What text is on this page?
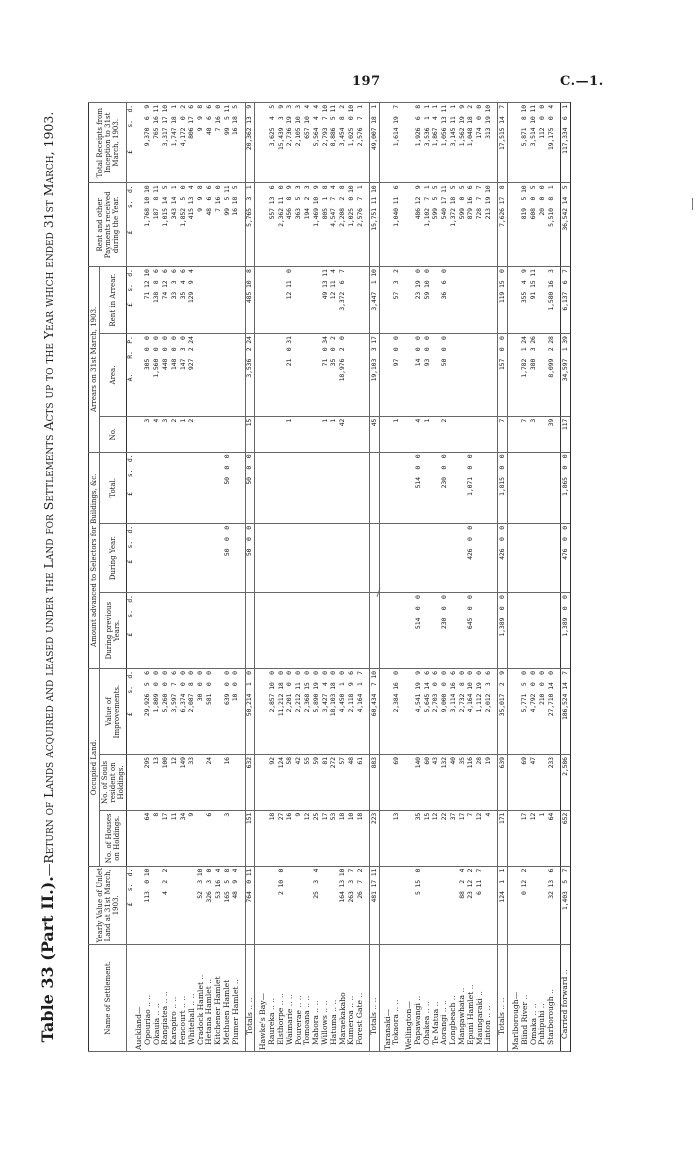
197	C.—1.
Table 33 (Part II.).—Return of Lands acquired and leased under the Land for Settlements Acts up to the Year which ended 31st March, 1903.
Name of Settlement.	Yearly Value of Unlet Land at 31st March, 1903.	Occupied Land.			Amount advanced to Selectors for Buildings, &c.			Arrears on 31st March, 1903.			Rent and other Payments received during the Year.	Total Receipts from Inception to 31st March, 1903.
		No. of Houses on Holdings.	No. of Souls resident on Holdings.	Value of Improvements.	During previous Years.	During Year.	Total.	No.	Area.	Rent in Arrear.		
	£   s.  d.			£     s.  d.	£    s.  d.	£   s.  d.	£    s.  d.		A.    R.  P.	£   s.  d.	£      s.  d.	£      s.  d.
Auckland—												
Opouriao .. ..	113  0 10	64	295	29,926  5  6				3	305  0  0	71 12 10	1,768 10 10	9,370  6  9
Okauia .. ..		8	13	1,809  0  0				4	1,560  0  0	138  8  6	187  8 11	765 16 11
Rangiatea .. ..	4  2  2	17	100	5,260  0  0				3	448  0  0	74 12  6	1,015 14  5	3,317 17 10
Karapiro .. ..		11	12	3,597  7  6				2	148  0  0	33  3  6	343 14  1	1,747 18  1
Fencourt .. ..		34	149	6,374  0  0				1	147  3  0	35  4  6	1,852  5  0	4,172  0  2
Whitehall .. ..		9	33	2,087  8  0				2	927  2 24	129  9  4	415 13  4	806 17  6
Cradock Hamlet ..	52  3 10			30  0  0							9  9  8	9  9  8
Hetana Hamlet ..	326  3  0	6	24	581  0  0							48  6  6	48  6  6
Kitchener Hamlet	53 16  4										7 16  0	7 16  0
Methuen Hamlet	165  5  8	3	16	639  0  0		50  0  0	50  0  0				99  5 11	99  5 11
Plumer Hamlet ..	48  9  4			10  0  0							16 18  5	16 18  5

Totals .. ..	764  0 11	151	632	50,214  1  0		50  0  0	50  0  0	15	3,536  2 24	485 10  8	5,765  3  1	20,362 13  9

Hawke's Bay—												
Raureka .. ..		18	92	2,857 10  0							557 13  6	3,625  4  5
Elsthorpe .. ..	2 10  0	27	124	11,212 18  0							2,362 11  0	15,439  3  9
Waimarie .. ..		16	58	2,201  0  0				1	21  0 31	12 11  0	456  8  9	2,736 19  3
Pourerae .. ..		9	42	2,212 11  0							363  5  3	2,105 10  3
Tomoana .. ..		12	55	2,368 15  0							194  2  3	657 10  4
Mahora .. ..	25  3  4	25	59	5,890 19  0							1,469 10  9	5,564  4  4
Willows .. ..		17	81	3,427  4  0				1	71  0 34	49 13 11	805  1  8	2,793  7 10
Hatuma .. ..		53	272	18,103 18  0				1	35  0  2	12 11  4	4,547  7  4	8,886  5 11
Maraekakaho	164 13 10	18	57	4,450  1  0				42	18,976  2  0	3,372  6  7	2,208  2  8	3,454  8  2
Kumeroa .. ..	263  3  7	10	48	2,118  9  6							1,025  0 10	1,025  0 10
Forest Gate ..	26  7  2	18	61	4,164  1  7							2,576  7  1	2,576  7  1

Totals .. ..	481 17 11	223	883	60,434  7 10				45	19,103  3 17	3,447  1 10	15,751 11 10	49,007 18  1

Taranaki—												
Tokaora .. ..		13	69	2,384 16  0				1	97  0  0	57  3  2	1,040 11  6	1,614 19  7

Wellington—												
Papawangi ..	5 15  0	35	140	4,541 19  9	514  0  0		514  0  0	4	14  0  0	23 19  0	486 12  9	1,926  6  8
Ohakea .. ..		15	60	5,645 14  6				1	93  0  0	59 10  0	1,102  7  1	3,536  1  1
Te Matua ..		12	43	2,703  0  6							599  5  5	1,867  4  1
Aorangi .. ..		22	132	9,000  0  0	230  0  0		230  0  0	2	50  0  0	36  6  0	540 17 11	1,056 13 11
Longbeach ..		37	40	3,114 16  6							1,372 18  5	3,145 11  1
Mangawhata ..	88  2  4	17	35	2,732  8  0							599  0  5	1,562 19  9
Epuni Hamlet ..	23 12  2	7	116	4,164 10  0	645  0  0	426  0  0	1,071  0  0				879 16  6	1,048 18  2
Maungaraki ..	6 11  7	12	28	1,112 19  0							728  7  7	174  0  0
Linton .. ..		4	19	2,012  3  6							213 19 10	313 19 10

Totals .. ..	124  1  1	171	639	35,017  2  9	1,389  0  0	426  0  0	1,815  0  0	7	157  0  0	119 15  0	7,626 17  8	17,515 14  7

Marlborough—												
Blind River ..	0 12  2	17	69	5,771  5  0				7	1,782  1 24	355  4  9	819  5 10	5,871  8 10
Omaka .. ..		12	47	4,792  0  0				3	380  3 26	91 15 11	608  0  5	3,514 10 11
Puhipuhi ..		1		210  0  0							20  0  0	112  0  0
Starborough ..	32 13  6	64	233	27,710 14  0				39	8,099  2 28	1,580 16  3	5,510  8  1	19,175  0  4

Carried forward ..	1,403  5  7	652	2,586	186,524 14  7	1,389  0  0	476  0  0	1,865  0  0	117	34,597  1 39	6,137  6  7	36,542 14  5	117,334  6  1
